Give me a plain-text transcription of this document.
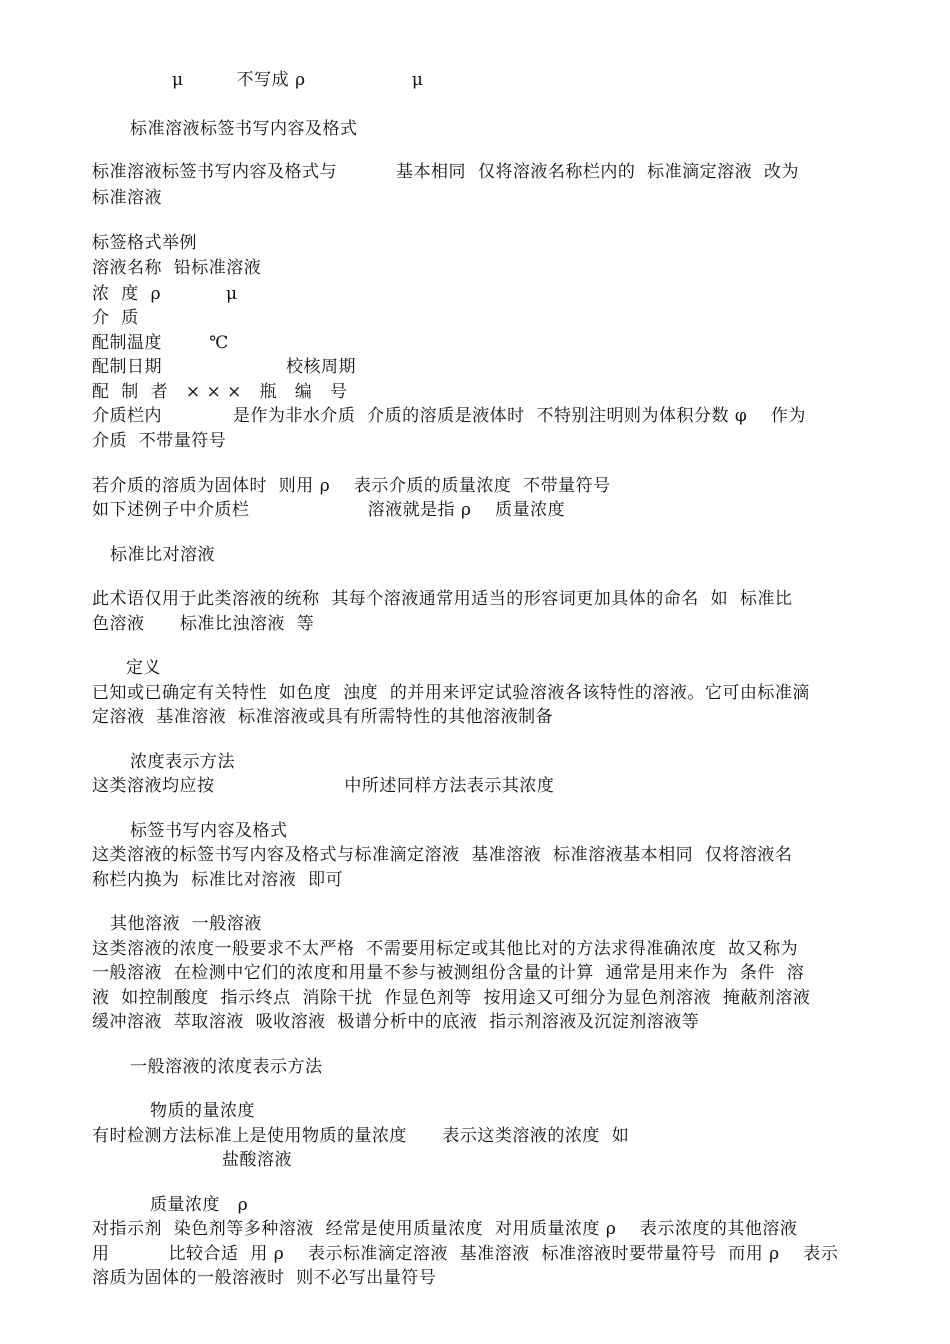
μ         不写成 ρ                  μ
标准溶液标签书写内容及格式
标准溶液标签书写内容及格式与          基本相同  仅将溶液名称栏内的  标准滴定溶液  改为
标准溶液
标签格式举例
溶液名称  铅标准溶液
浓  度  ρ           μ
介  质
配制温度        ℃
配制日期                     校核周期
配  制  者   × × ×   瓶   编   号
介质栏内            是作为非水介质  介质的溶质是液体时  不特别注明则为体积分数 φ    作为
介质  不带量符号
若介质的溶质为固体时  则用 ρ    表示介质的质量浓度  不带量符号
如下述例子中介质栏                    溶液就是指 ρ    质量浓度
标准比对溶液
此术语仅用于此类溶液的统称  其每个溶液通常用适当的形容词更加具体的命名  如  标准比
色溶液      标准比浊溶液  等
定义
已知或已确定有关特性  如色度  浊度  的并用来评定试验溶液各该特性的溶液。它可由标准滴
定溶液  基准溶液  标准溶液或具有所需特性的其他溶液制备
浓度表示方法
这类溶液均应按                      中所述同样方法表示其浓度
标签书写内容及格式
这类溶液的标签书写内容及格式与标准滴定溶液  基准溶液  标准溶液基本相同  仅将溶液名
称栏内换为  标准比对溶液  即可
其他溶液  一般溶液
这类溶液的浓度一般要求不太严格  不需要用标定或其他比对的方法求得准确浓度  故又称为
一般溶液  在检测中它们的浓度和用量不参与被测组份含量的计算  通常是用来作为  条件  溶
液  如控制酸度  指示终点  消除干扰  作显色剂等  按用途又可细分为显色剂溶液  掩蔽剂溶液
缓冲溶液  萃取溶液  吸收溶液  极谱分析中的底液  指示剂溶液及沉淀剂溶液等
一般溶液的浓度表示方法
物质的量浓度
有时检测方法标准上是使用物质的量浓度      表示这类溶液的浓度  如
盐酸溶液
质量浓度   ρ
对指示剂  染色剂等多种溶液  经常是使用质量浓度  对用质量浓度 ρ    表示浓度的其他溶液
用          比较合适  用 ρ    表示标准滴定溶液  基准溶液  标准溶液时要带量符号  而用 ρ    表示
溶质为固体的一般溶液时  则不必写出量符号
